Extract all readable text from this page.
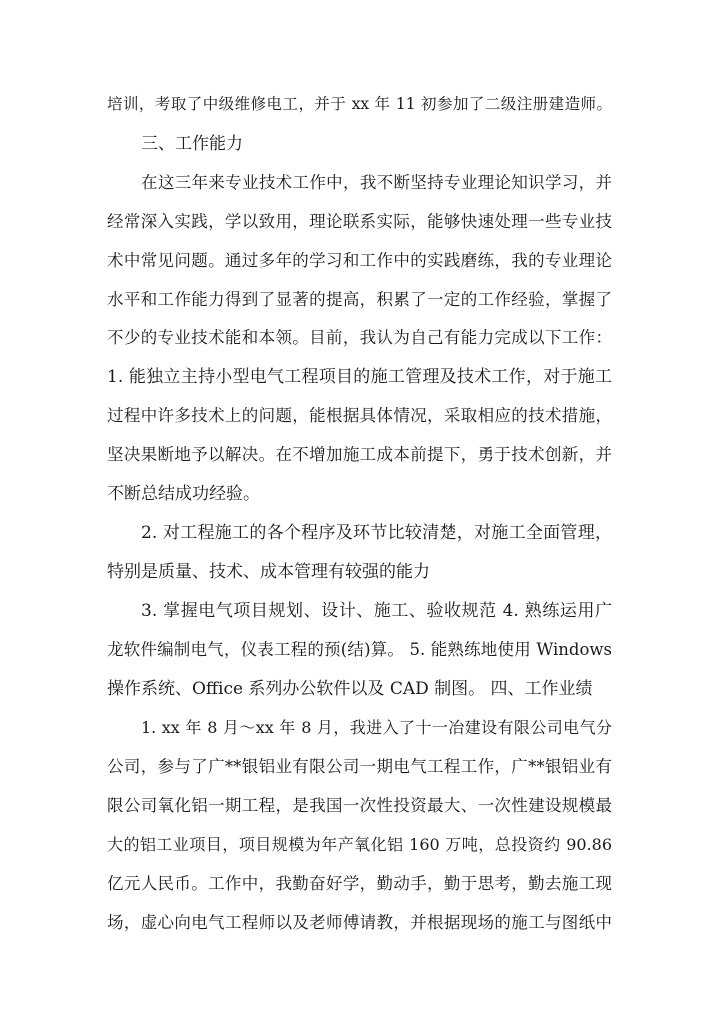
培训，考取了中级维修电工，并于 xx 年 11 初参加了二级注册建造师。
三、工作能力
在这三年来专业技术工作中，我不断坚持专业理论知识学习，并
经常深入实践，学以致用，理论联系实际，能够快速处理一些专业技
术中常见问题。通过多年的学习和工作中的实践磨练，我的专业理论
水平和工作能力得到了显著的提高，积累了一定的工作经验，掌握了
不少的专业技术能和本领。目前，我认为自己有能力完成以下工作：
1. 能独立主持小型电气工程项目的施工管理及技术工作，对于施工
过程中许多技术上的问题，能根据具体情况，采取相应的技术措施，
坚决果断地予以解决。在不增加施工成本前提下，勇于技术创新，并
不断总结成功经验。
2. 对工程施工的各个程序及环节比较清楚，对施工全面管理，
特别是质量、技术、成本管理有较强的能力
3. 掌握电气项目规划、设计、施工、验收规范 4. 熟练运用广
龙软件编制电气，仪表工程的预(结)算。 5. 能熟练地使用 Windows
操作系统、Office 系列办公软件以及 CAD 制图。 四、工作业绩
1. xx 年 8 月～xx 年 8 月，我进入了十一冶建设有限公司电气分
公司，参与了广**银铝业有限公司一期电气工程工作，广**银铝业有
限公司氧化铝一期工程，是我国一次性投资最大、一次性建设规模最
大的铝工业项目，项目规模为年产氧化铝 160 万吨，总投资约 90.86
亿元人民币。工作中，我勤奋好学，勤动手，勤于思考，勤去施工现
场，虚心向电气工程师以及老师傅请教，并根据现场的施工与图纸中
